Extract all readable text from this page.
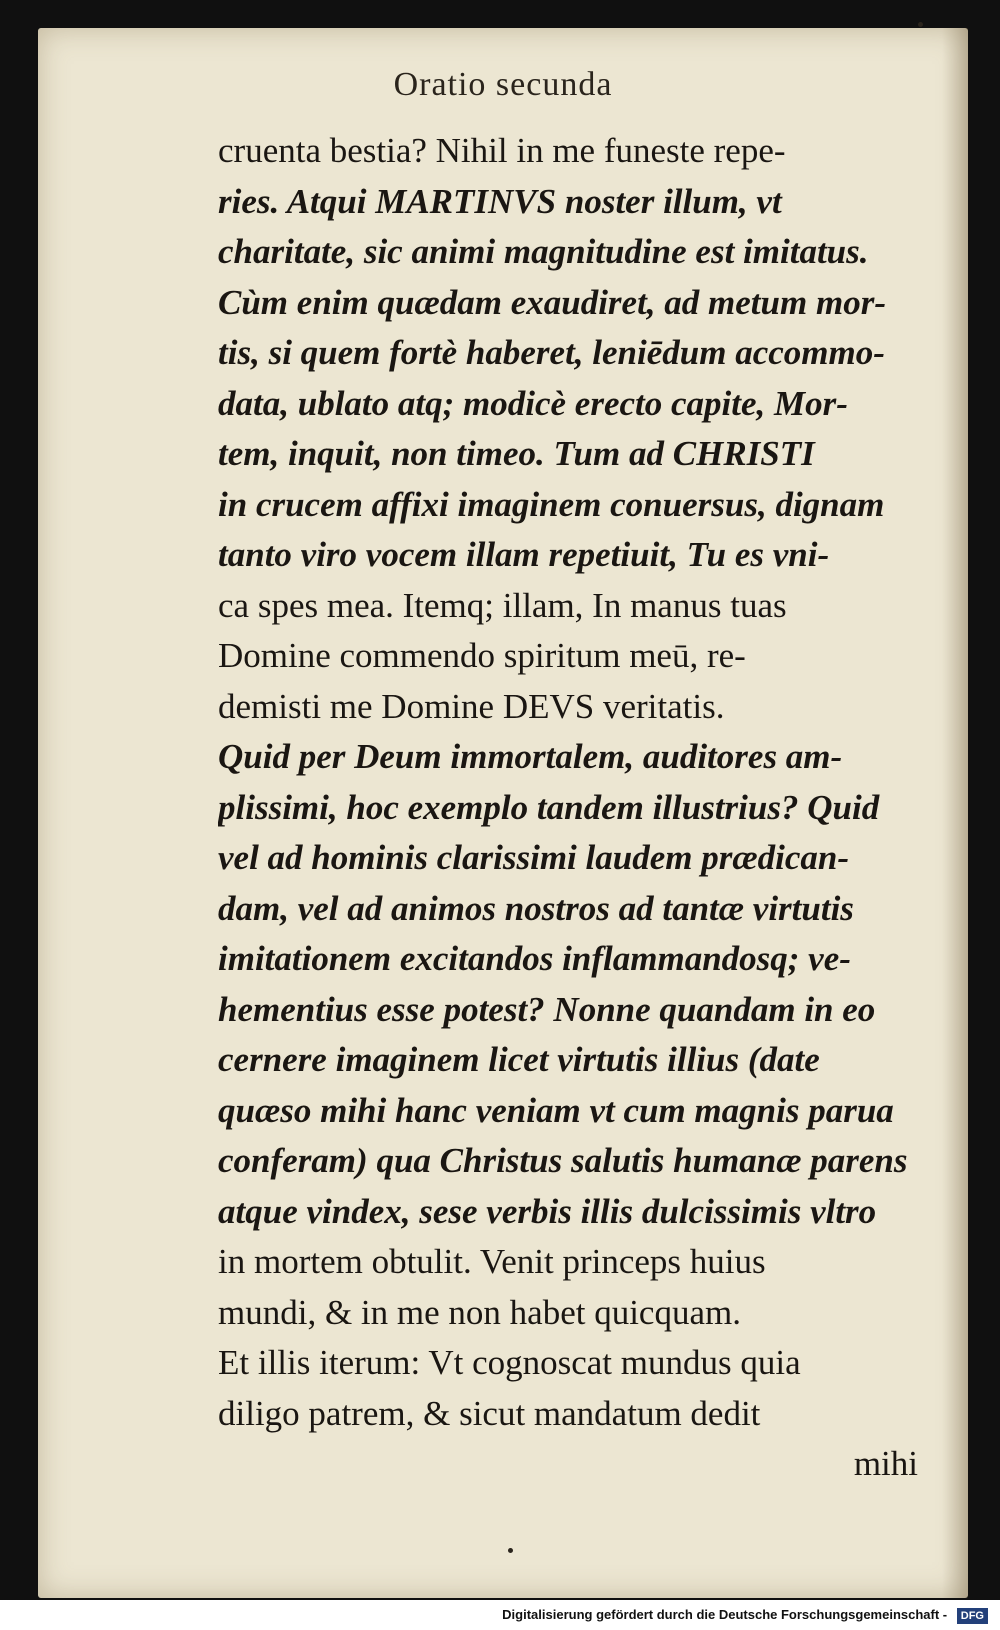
Oratio secunda
cruenta bestia? Nihil in me funeste repe-
ries. Atqui MARTINVS noster illum, vt
charitate, sic animi magnitudine est imitatus.
Cùm enim quædam exaudiret, ad metum mor-
tis, si quem fortè haberet, leniēdum accommo-
data, ublato atq; modicè erecto capite, Mor-
tem, inquit, non timeo. Tum ad CHRISTI
in crucem affixi imaginem conuersus, dignam
tanto viro vocem illam repetiuit, Tu es vni-
ca spes mea. Itemq; illam, In manus tuas
Domine commendo spiritum meū, re-
demisti me Domine DEVS veritatis.
Quid per Deum immortalem, auditores am-
plissimi, hoc exemplo tandem illustrius? Quid
vel ad hominis clarissimi laudem prædican-
dam, vel ad animos nostros ad tantæ virtutis
imitationem excitandos inflammandosq; ve-
hementius esse potest? Nonne quandam in eo
cernere imaginem licet virtutis illius (date
quæso mihi hanc veniam vt cum magnis parua
conferam) qua Christus salutis humanæ parens
atque vindex, sese verbis illis dulcissimis vltro
in mortem obtulit. Venit princeps huius
mundi, & in me non habet quicquam.
Et illis iterum: Vt cognoscat mundus quia
diligo patrem, & sicut mandatum dedit
mihi
Digitalisierung gefördert durch die Deutsche Forschungsgemeinschaft - DFG
